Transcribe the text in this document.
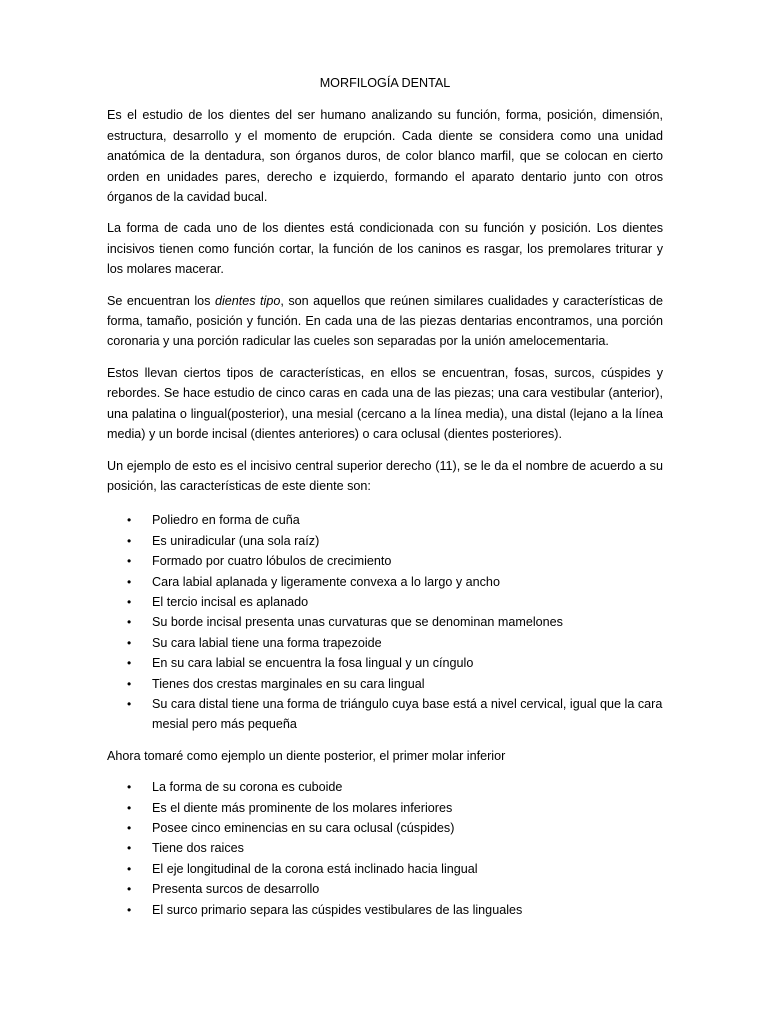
MORFILOGÍA DENTAL

Es el estudio de los dientes del ser humano analizando su función, forma, posición, dimensión, estructura, desarrollo y el momento de erupción. Cada diente se considera como una unidad anatómica de la dentadura, son órganos duros, de color blanco marfil, que se colocan en cierto orden en unidades pares, derecho e izquierdo, formando el aparato dentario junto con otros órganos de la cavidad bucal.

La forma de cada uno de los dientes está condicionada con su función y posición. Los dientes incisivos tienen como función cortar, la función de los caninos es rasgar, los premolares triturar y los molares macerar.

Se encuentran los dientes tipo, son aquellos que reúnen similares cualidades y características de forma, tamaño, posición y función. En cada una de las piezas dentarias encontramos, una porción coronaria y una porción radicular las cueles son separadas por la unión amelocementaria.

Estos llevan ciertos tipos de características, en ellos se encuentran, fosas, surcos, cúspides y rebordes. Se hace estudio de cinco caras en cada una de las piezas; una cara vestibular (anterior), una palatina o lingual(posterior), una mesial (cercano a la línea media), una distal (lejano a la línea media) y un borde incisal (dientes anteriores) o cara oclusal (dientes posteriores).

Un ejemplo de esto es el incisivo central superior derecho (11), se le da el nombre de acuerdo a su posición, las características de este diente son:

• Poliedro en forma de cuña
• Es uniradicular (una sola raíz)
• Formado por cuatro lóbulos de crecimiento
• Cara labial aplanada y ligeramente convexa a lo largo y ancho
• El tercio incisal es aplanado
• Su borde incisal presenta unas curvaturas que se denominan mamelones
• Su cara labial tiene una forma trapezoide
• En su cara labial se encuentra la fosa lingual y un cíngulo
• Tienes dos crestas marginales en su cara lingual
• Su cara distal tiene una forma de triángulo cuya base está a nivel cervical, igual que la cara mesial pero más pequeña

Ahora tomaré como ejemplo un diente posterior, el primer molar inferior

• La forma de su corona es cuboide
• Es el diente más prominente de los molares inferiores
• Posee cinco eminencias en su cara oclusal (cúspides)
• Tiene dos raices
• El eje longitudinal de la corona está inclinado hacia lingual
• Presenta surcos de desarrollo
• El surco primario separa las cúspides vestibulares de las linguales
